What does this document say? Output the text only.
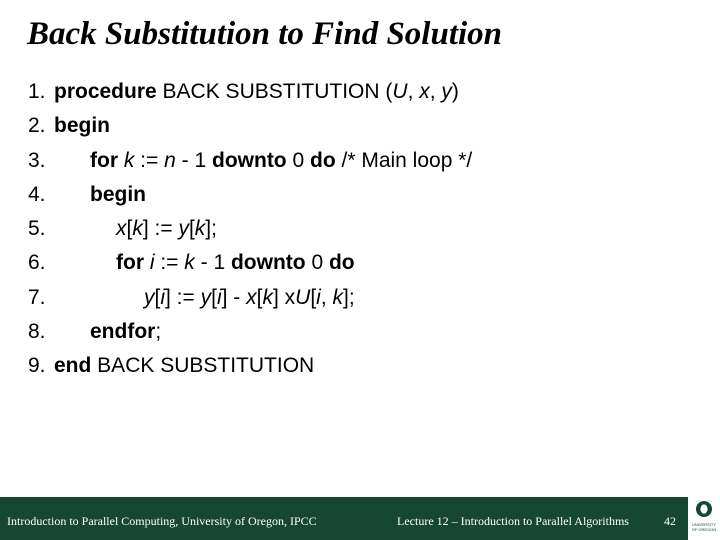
Back Substitution to Find Solution
1. procedure BACK SUBSTITUTION (U, x, y)
2. begin
3. for k := n - 1 downto 0 do /* Main loop */
4. begin
5.	x[k] := y[k];
6.	for i := k - 1 downto 0 do
7.	y[i] := y[i] - x[k] xU[i, k];
8. endfor;
9. end BACK SUBSTITUTION
Introduction to Parallel Computing, University of Oregon, IPCC	Lecture 12 – Introduction to Parallel Algorithms	42	UNIVERSITY OF OREGON
